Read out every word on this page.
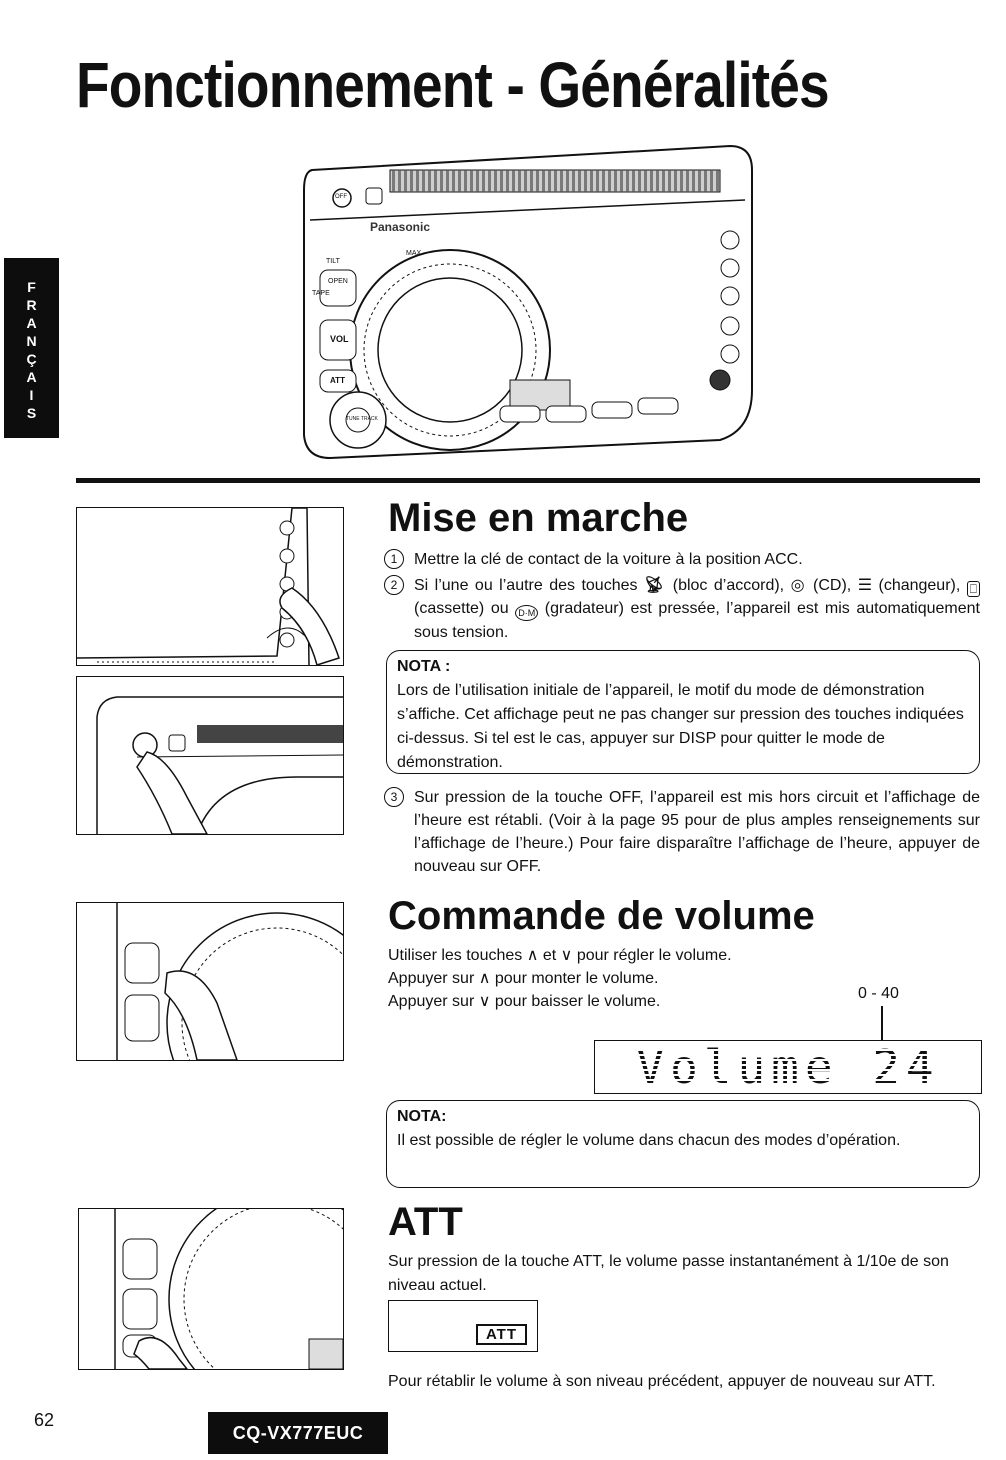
Fonctionnement - Généralités
F
R
A
N
Ç
A
I
S
Panasonic
VOL
ATT
OFF
TILT
TAPE
OPEN
TUNE TRACK
MAX
Mise en marche
1	Mettre la clé de contact de la voiture à la position ACC.
2	Si l’une ou l’autre des touches 📡︎ (bloc d’accord), ◎ (CD), ☰ (changeur), ⎕ (cassette) ou D·M (gradateur) est pressée, l’appareil est mis automatiquement sous tension.
NOTA :
Lors de l’utilisation initiale de l’appareil, le motif du mode de démonstration s’affiche. Cet affichage peut ne pas changer sur pression des touches indiquées ci-dessus. Si tel est le cas, appuyer sur DISP pour quitter le mode de démonstration.
3	Sur pression de la touche OFF, l’appareil est mis hors circuit et l’affichage de l’heure est rétabli. (Voir à la page 95 pour de plus amples renseignements sur l’affichage de l’heure.) Pour faire disparaître l’affichage de l’heure, appuyer de nouveau sur OFF.
Commande de volume
Utiliser les touches ∧ et ∨ pour régler le volume.
Appuyer sur ∧ pour monter le volume.
Appuyer sur ∨ pour baisser le volume.	0 - 40
Volume 24
NOTA:
Il est possible de régler le volume dans chacun des modes d’opération.
ATT
Sur pression de la touche ATT, le volume passe instantanément à 1/10e de son niveau actuel.
ATT
Pour rétablir le volume à son niveau précédent, appuyer de nouveau sur ATT.
62
CQ-VX777EUC
